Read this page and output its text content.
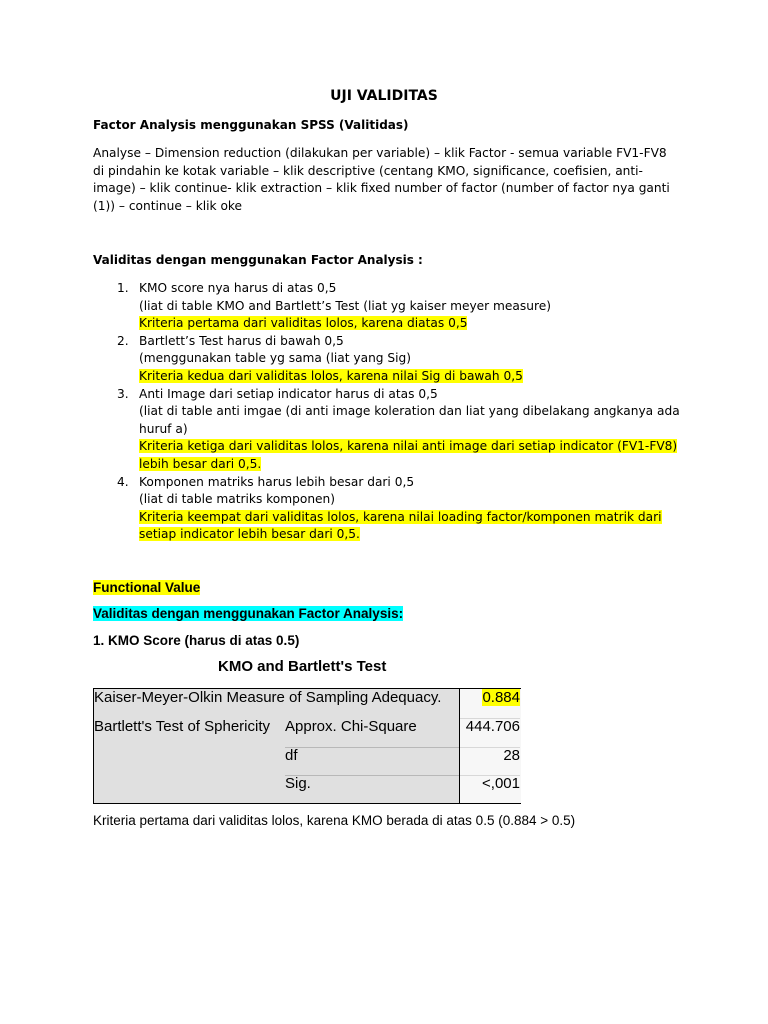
UJI VALIDITAS
Factor Analysis menggunakan SPSS (Valitidas)
Analyse – Dimension reduction (dilakukan per variable) – klik Factor - semua variable FV1-FV8 di pindahin ke kotak variable – klik descriptive (centang KMO, significance, coefisien, anti-image) – klik continue- klik extraction – klik fixed number of factor (number of factor nya ganti (1)) – continue – klik oke
Validitas dengan menggunakan Factor Analysis :
1. KMO score nya harus di atas 0,5
(liat di table KMO and Bartlett’s Test (liat yg kaiser meyer measure)
Kriteria pertama dari validitas lolos, karena diatas 0,5
2. Bartlett’s Test harus di bawah 0,5
(menggunakan table yg sama (liat yang Sig)
Kriteria kedua dari validitas lolos, karena nilai Sig di bawah 0,5
3. Anti Image dari setiap indicator harus di atas 0,5
(liat di table anti imgae (di anti image koleration dan liat yang dibelakang angkanya ada huruf a)
Kriteria ketiga dari validitas lolos, karena nilai anti image dari setiap indicator (FV1-FV8) lebih besar dari 0,5.
4. Komponen matriks harus lebih besar dari 0,5
(liat di table matriks komponen)
Kriteria keempat dari validitas lolos, karena nilai loading factor/komponen matrik dari setiap indicator lebih besar dari 0,5.
Functional Value
Validitas dengan menggunakan Factor Analysis:
1. KMO Score (harus di atas 0.5)
KMO and Bartlett's Test
Kaiser-Meyer-Olkin Measure of Sampling Adequacy.	0.884
Bartlett's Test of Sphericity Approx. Chi-Square	444.706
df	28
Sig.	<,001
Kriteria pertama dari validitas lolos, karena KMO berada di atas 0.5 (0.884 > 0.5)
